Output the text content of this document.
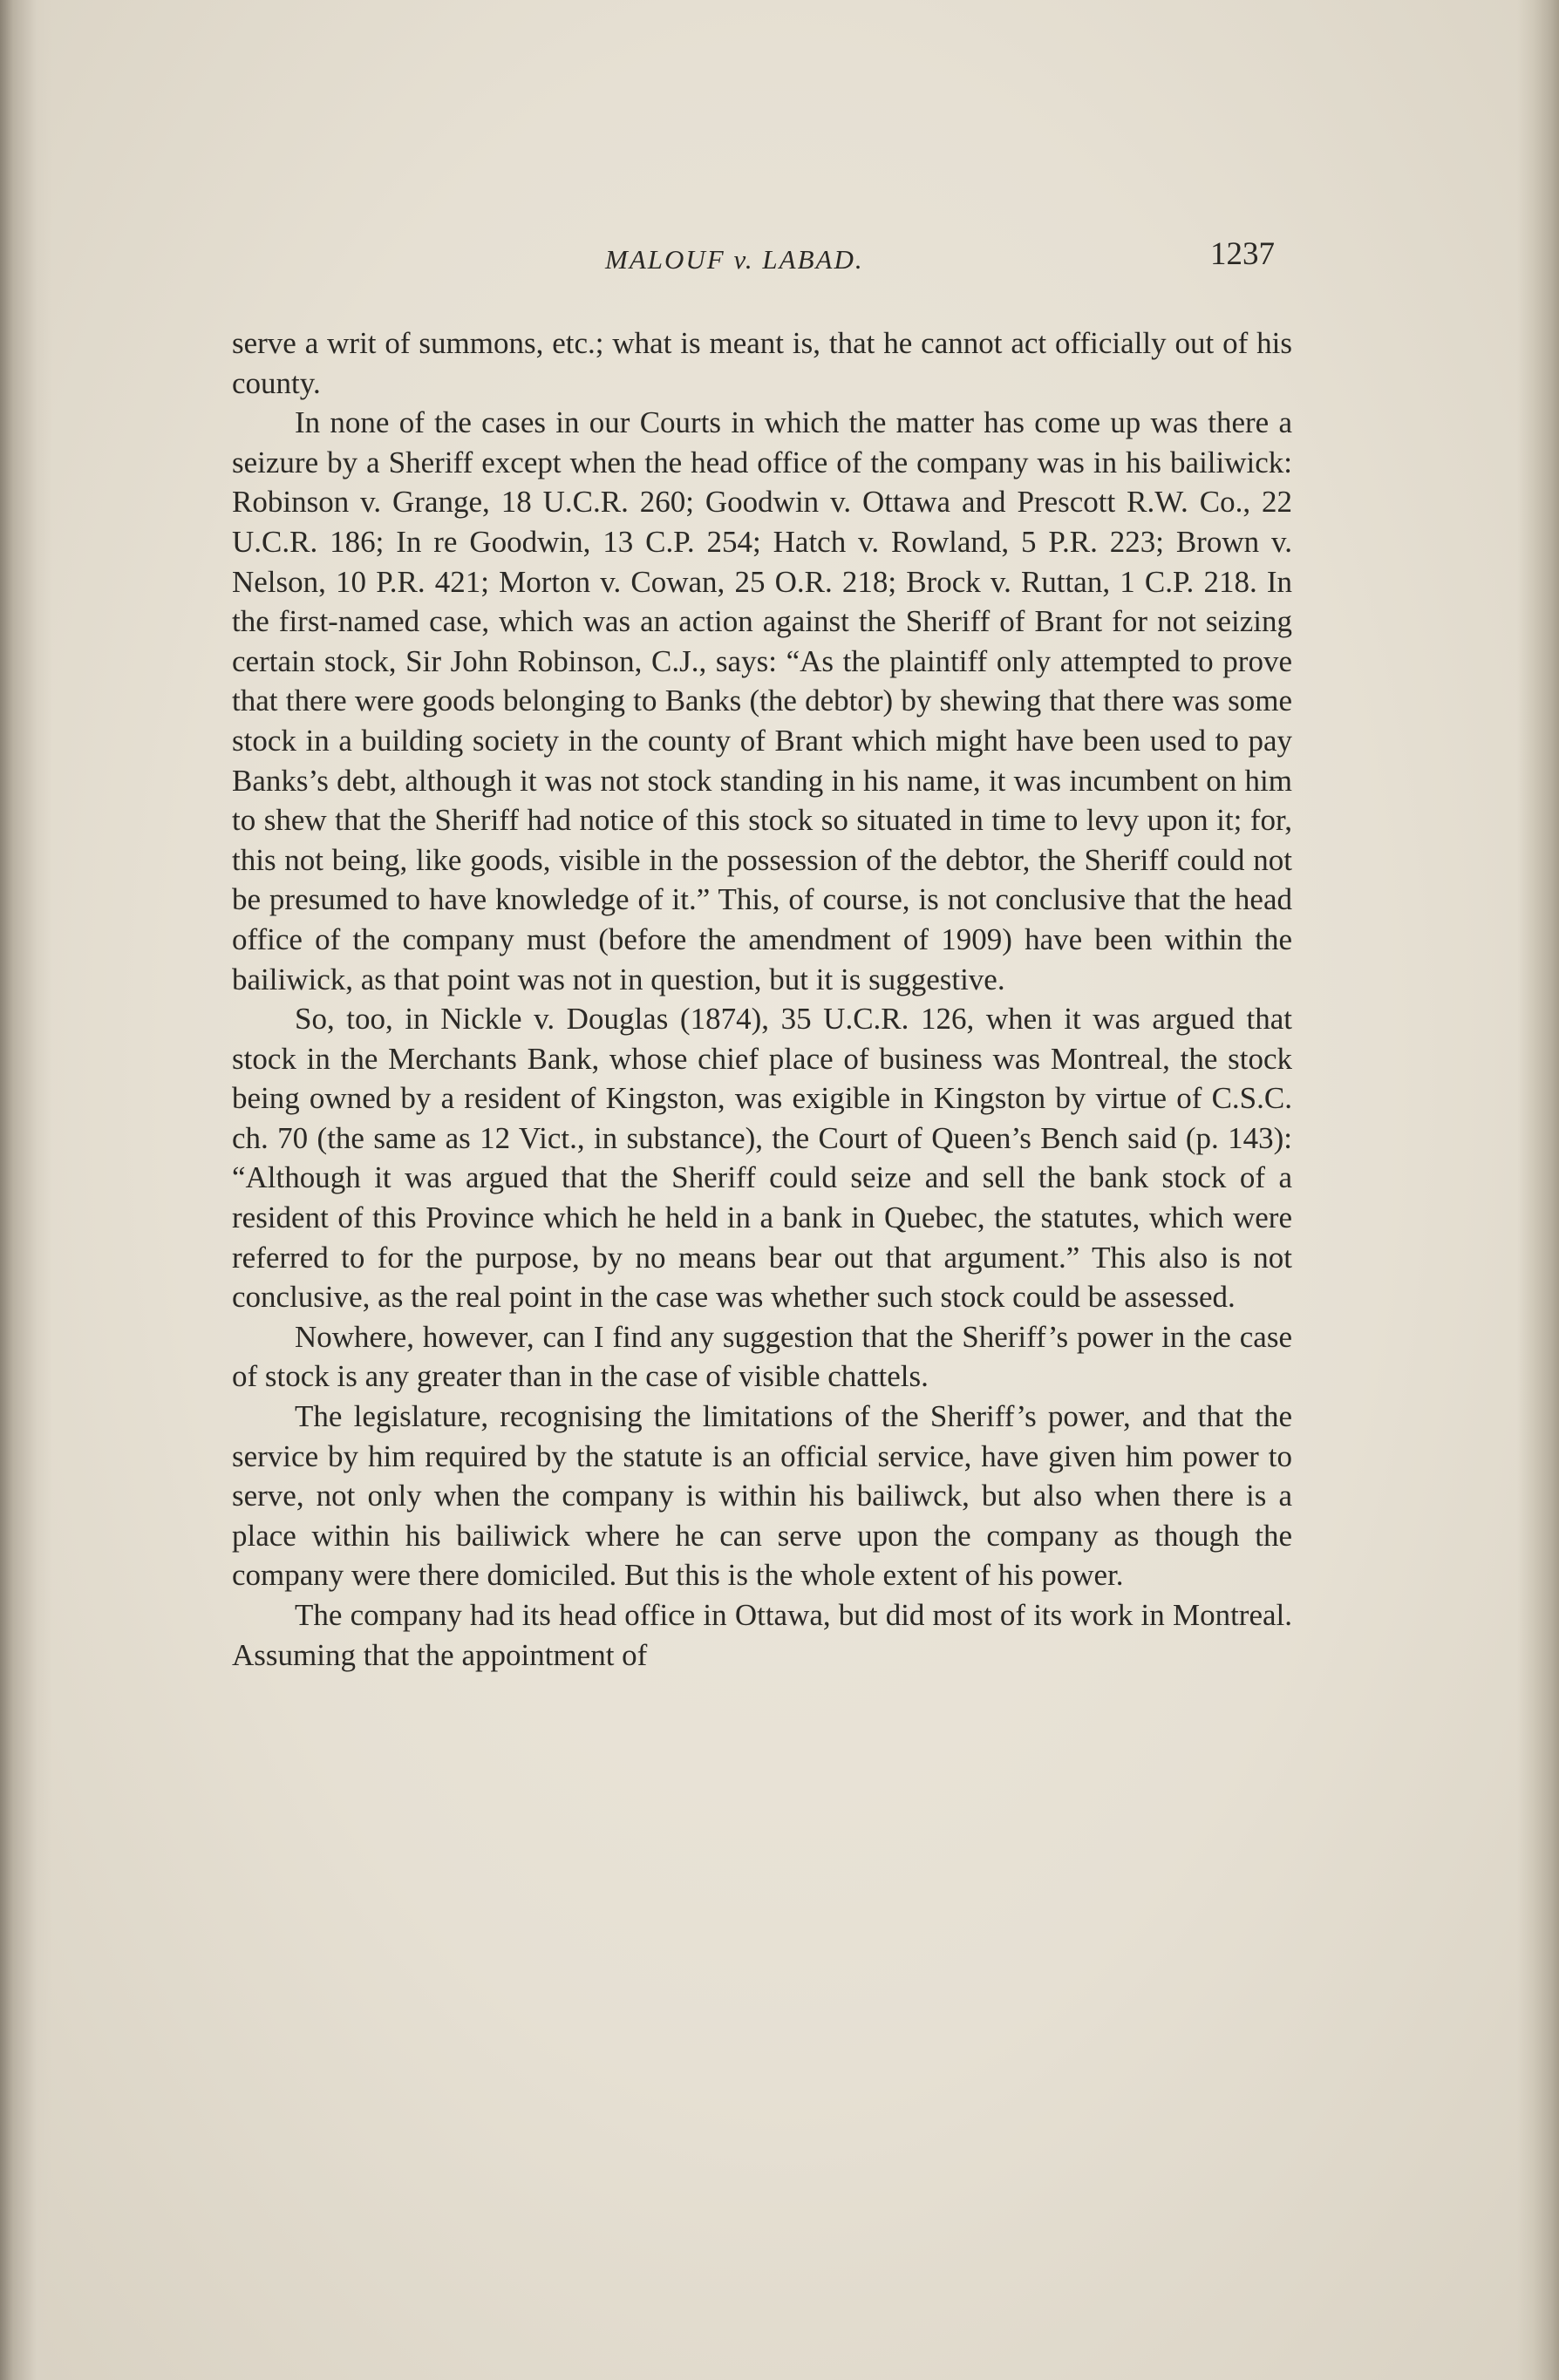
MALOUF v. LABAD.	1237

serve a writ of summons, etc.; what is meant is, that he cannot act officially out of his county.

In none of the cases in our Courts in which the matter has come up was there a seizure by a Sheriff except when the head office of the company was in his bailiwick: Robinson v. Grange, 18 U.C.R. 260; Goodwin v. Ottawa and Prescott R.W. Co., 22 U.C.R. 186; In re Goodwin, 13 C.P. 254; Hatch v. Rowland, 5 P.R. 223; Brown v. Nelson, 10 P.R. 421; Morton v. Cowan, 25 O.R. 218; Brock v. Ruttan, 1 C.P. 218. In the first-named case, which was an action against the Sheriff of Brant for not seizing certain stock, Sir John Robinson, C.J., says: “As the plaintiff only attempted to prove that there were goods belonging to Banks (the debtor) by shewing that there was some stock in a building society in the county of Brant which might have been used to pay Banks’s debt, although it was not stock standing in his name, it was incumbent on him to shew that the Sheriff had notice of this stock so situated in time to levy upon it; for, this not being, like goods, visible in the possession of the debtor, the Sheriff could not be presumed to have knowledge of it.” This, of course, is not conclusive that the head office of the company must (before the amendment of 1909) have been within the bailiwick, as that point was not in question, but it is suggestive.

So, too, in Nickle v. Douglas (1874), 35 U.C.R. 126, when it was argued that stock in the Merchants Bank, whose chief place of business was Montreal, the stock being owned by a resident of Kingston, was exigible in Kingston by virtue of C.S.C. ch. 70 (the same as 12 Vict., in substance), the Court of Queen’s Bench said (p. 143): “Although it was argued that the Sheriff could seize and sell the bank stock of a resident of this Province which he held in a bank in Quebec, the statutes, which were referred to for the purpose, by no means bear out that argument.” This also is not conclusive, as the real point in the case was whether such stock could be assessed.

Nowhere, however, can I find any suggestion that the Sheriff’s power in the case of stock is any greater than in the case of visible chattels.

The legislature, recognising the limitations of the Sheriff’s power, and that the service by him required by the statute is an official service, have given him power to serve, not only when the company is within his bailiwck, but also when there is a place within his bailiwick where he can serve upon the company as though the company were there domiciled. But this is the whole extent of his power.

The company had its head office in Ottawa, but did most of its work in Montreal. Assuming that the appointment of
